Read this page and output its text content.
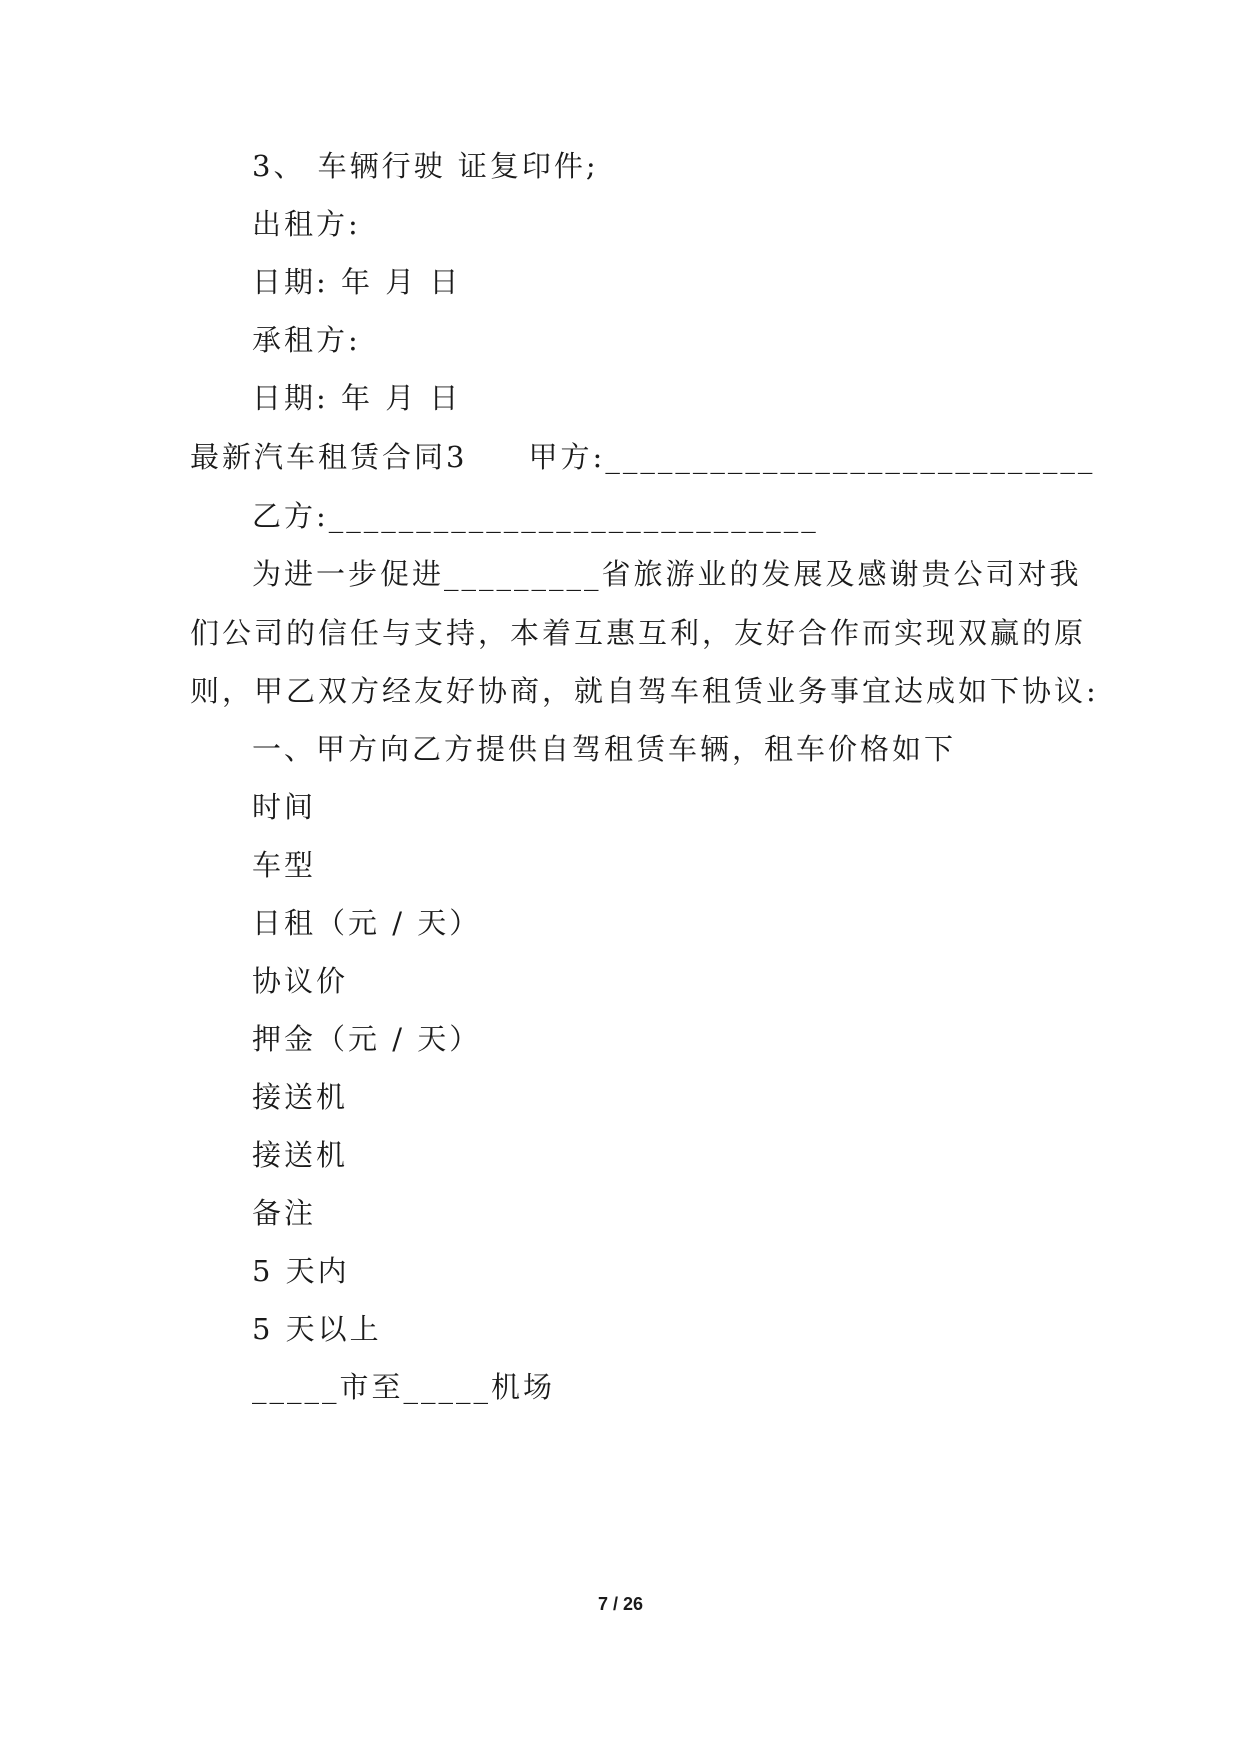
3、 车辆行驶 证复印件;
出租方:
日期: 年 月 日
承租方:
日期: 年 月 日
最新汽车租赁合同3     甲方:____________________________
乙方:____________________________
为进一步促进_________省旅游业的发展及感谢贵公司对我
们公司的信任与支持，本着互惠互利，友好合作而实现双赢的原
则，甲乙双方经友好协商，就自驾车租赁业务事宜达成如下协议:
一、甲方向乙方提供自驾租赁车辆，租车价格如下
时间
车型
日租（元 / 天）
协议价
押金（元 / 天）
接送机
接送机
备注
5 天内
5 天以上
_____市至_____机场
7 / 26
